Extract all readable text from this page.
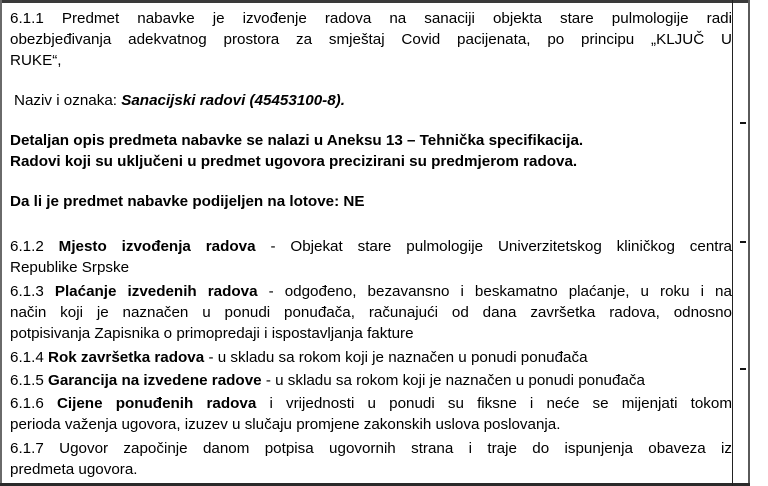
6.1.1 Predmet nabavke je izvođenje radova na sanaciji objekta stare pulmologije radi
obezbjeđivanja adekvatnog prostora za smještaj Covid pacijenata, po principu „KLJUČ U
RUKE“,
Naziv i oznaka: Sanacijski radovi (45453100-8).
Detaljan opis predmeta nabavke se nalazi u Aneksu 13 – Tehnička specifikacija.
Radovi koji su uključeni u predmet ugovora precizirani su predmjerom radova.
Da li je predmet nabavke podijeljen na lotove: NE
6.1.2 Mjesto izvođenja radova - Objekat stare pulmologije Univerzitetskog kliničkog centra
Republike Srpske
6.1.3 Plaćanje izvedenih radova - odgođeno, bezavansno i beskamatno plaćanje, u roku i na
način koji je naznačen u ponudi ponuđača, računajući od dana završetka radova, odnosno
potpisivanja Zapisnika o primopredaji i ispostavljanja fakture
6.1.4 Rok završetka radova - u skladu sa rokom koji je naznačen u ponudi ponuđača
6.1.5 Garancija na izvedene radove - u skladu sa rokom koji je naznačen u ponudi ponuđača
6.1.6 Cijene ponuđenih radova i vrijednosti u ponudi su fiksne i neće se mijenjati tokom
perioda važenja ugovora, izuzev u slučaju promjene zakonskih uslova poslovanja.
6.1.7 Ugovor započinje danom potpisa ugovornih strana i traje do ispunjenja obaveza iz
predmeta ugovora.
